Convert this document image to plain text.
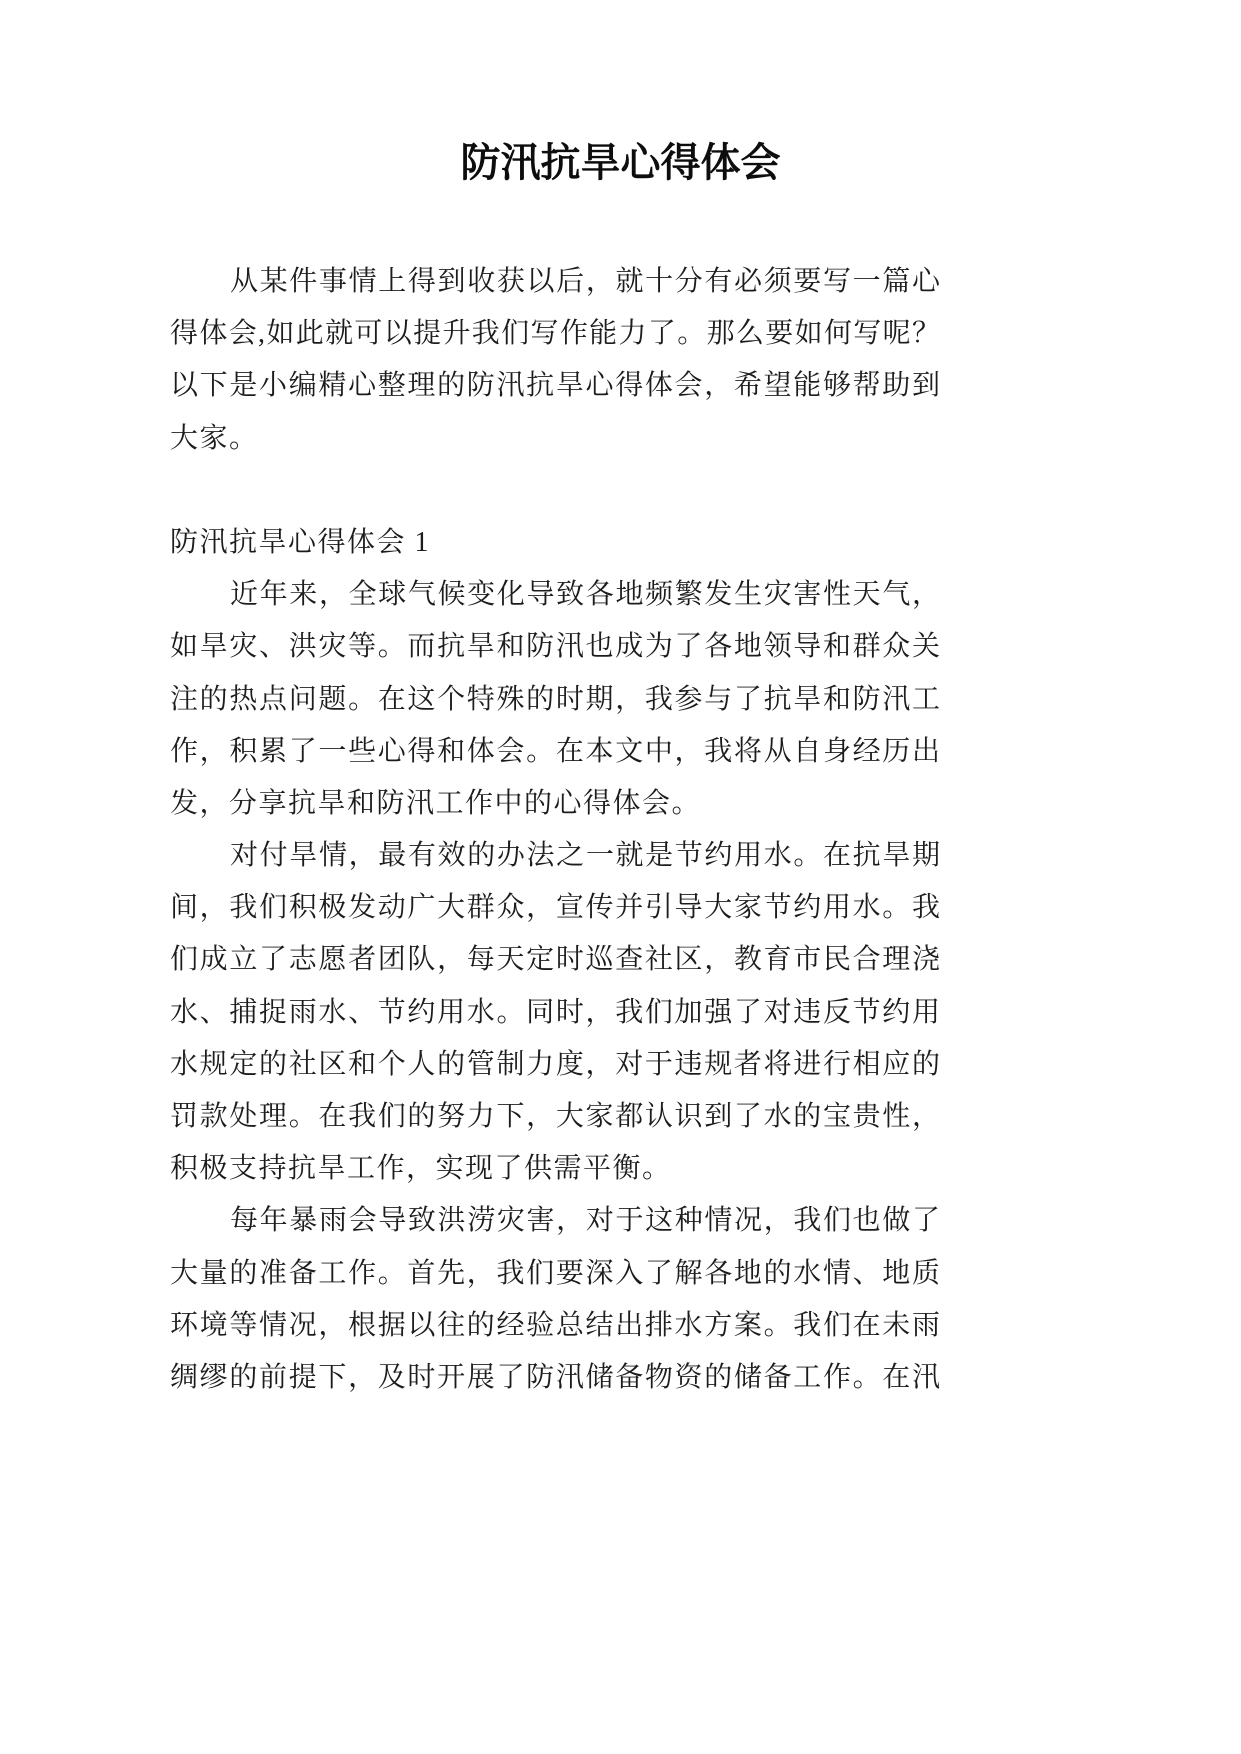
防汛抗旱心得体会
从某件事情上得到收获以后，就十分有必须要写一篇心
得体会,如此就可以提升我们写作能力了。那么要如何写呢？
以下是小编精心整理的防汛抗旱心得体会，希望能够帮助到
大家。
防汛抗旱心得体会 1
近年来，全球气候变化导致各地频繁发生灾害性天气，
如旱灾、洪灾等。而抗旱和防汛也成为了各地领导和群众关
注的热点问题。在这个特殊的时期，我参与了抗旱和防汛工
作，积累了一些心得和体会。在本文中，我将从自身经历出
发，分享抗旱和防汛工作中的心得体会。
对付旱情，最有效的办法之一就是节约用水。在抗旱期
间，我们积极发动广大群众，宣传并引导大家节约用水。我
们成立了志愿者团队，每天定时巡查社区，教育市民合理浇
水、捕捉雨水、节约用水。同时，我们加强了对违反节约用
水规定的社区和个人的管制力度，对于违规者将进行相应的
罚款处理。在我们的努力下，大家都认识到了水的宝贵性，
积极支持抗旱工作，实现了供需平衡。
每年暴雨会导致洪涝灾害，对于这种情况，我们也做了
大量的准备工作。首先，我们要深入了解各地的水情、地质
环境等情况，根据以往的经验总结出排水方案。我们在未雨
绸缪的前提下，及时开展了防汛储备物资的储备工作。在汛
